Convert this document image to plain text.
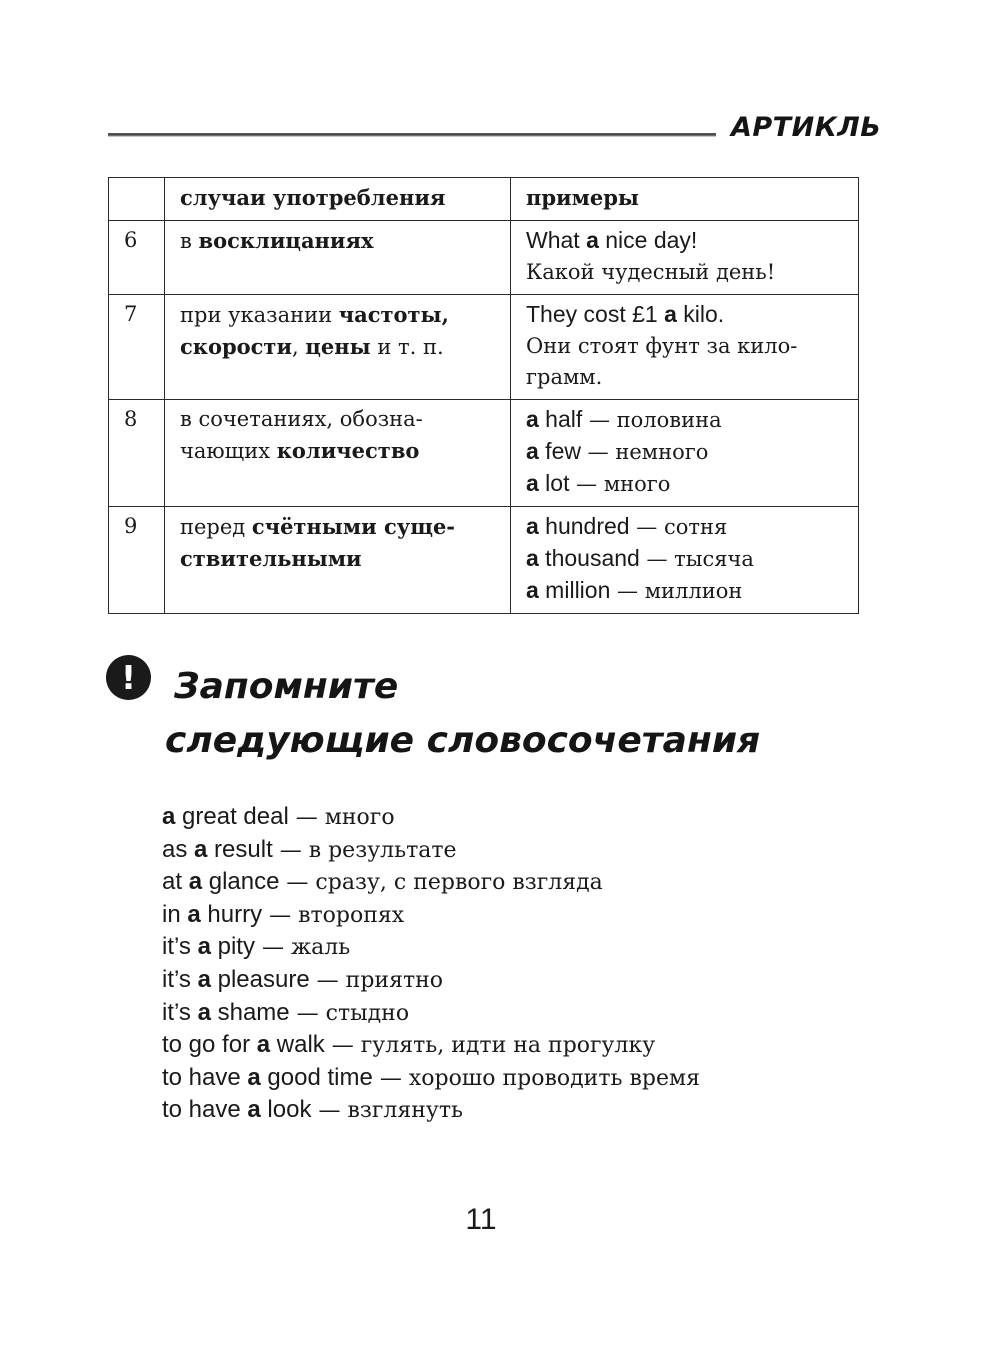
АРТИКЛЬ
	случаи употребления	примеры
6	в восклицаниях	What a nice day!
Какой чудесный день!

7	при указании частоты, скорости, цены и т. п.	They cost £1 a kilo.
Они стоят фунт за кило-грамм.

8	в сочетаниях, обозна-чающих количество	a half — половина
a few — немного
a lot — много

9	перед счётными суще-ствительными	a hundred — сотня
a thousand — тысяча
a million — миллион
!	Запомните
следующие словосочетания
a great deal — много
as a result — в результате
at a glance — сразу, с первого взгляда
in a hurry — второпях
it’s a pity — жаль
it’s a pleasure — приятно
it’s a shame — стыдно
to go for a walk — гулять, идти на прогулку
to have a good time — хорошо проводить время
to have a look — взглянуть
11
